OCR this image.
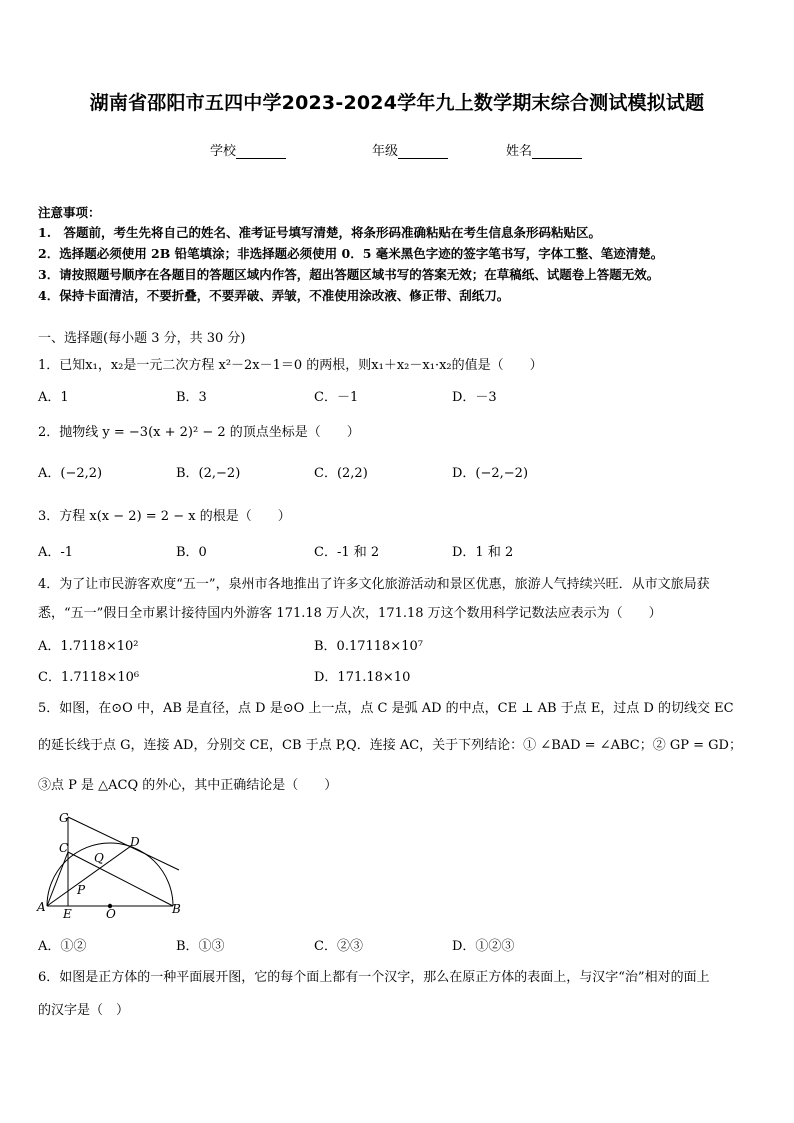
湖南省邵阳市五四中学2023-2024学年九上数学期末综合测试模拟试题
学校	年级	姓名
注意事项：
1.　答题前，考生先将自己的姓名、准考证号填写清楚，将条形码准确粘贴在考生信息条形码粘贴区。
2．选择题必须使用 2B 铅笔填涂；非选择题必须使用 0．5 毫米黑色字迹的签字笔书写，字体工整、笔迹清楚。
3．请按照题号顺序在各题目的答题区域内作答，超出答题区域书写的答案无效；在草稿纸、试题卷上答题无效。
4．保持卡面清洁，不要折叠，不要弄破、弄皱，不准使用涂改液、修正带、刮纸刀。
一、选择题(每小题 3 分，共 30 分)
1．已知x₁，x₂是一元二次方程 x²－2x－1＝0 的两根，则x₁＋x₂－x₁·x₂的值是（　　）
A．1	B．3	C．－1	D．－3
2．抛物线 y = −3(x + 2)² − 2 的顶点坐标是（　　）
A．(−2,2)	B．(2,−2)	C．(2,2)	D．(−2,−2)
3．方程 x(x − 2) = 2 − x 的根是（　　）
A．-1	B．0	C．-1 和 2	D．1 和 2
4．为了让市民游客欢度“五一”，泉州市各地推出了许多文化旅游活动和景区优惠，旅游人气持续兴旺．从市文旅局获
悉，“五一”假日全市累计接待国内外游客 171.18 万人次，171.18 万这个数用科学记数法应表示为（　　）
A．1.7118×10²	B．0.17118×10⁷
C．1.7118×10⁶	D．171.18×10
5．如图，在⊙O 中，AB 是直径，点 D 是⊙O 上一点，点 C 是弧 AD 的中点，CE ⊥ AB 于点 E，过点 D 的切线交 EC
的延长线于点 G，连接 AD，分别交 CE，CB 于点 P,Q．连接 AC，关于下列结论：① ∠BAD = ∠ABC；② GP = GD；
③点 P 是 △ACQ 的外心，其中正确结论是（　　）
G
C	D
Q
P
A E	O	B
A．①②	B．①③	C．②③	D．①②③
6．如图是正方体的一种平面展开图，它的每个面上都有一个汉字，那么在原正方体的表面上，与汉字“治”相对的面上
的汉字是（　）
